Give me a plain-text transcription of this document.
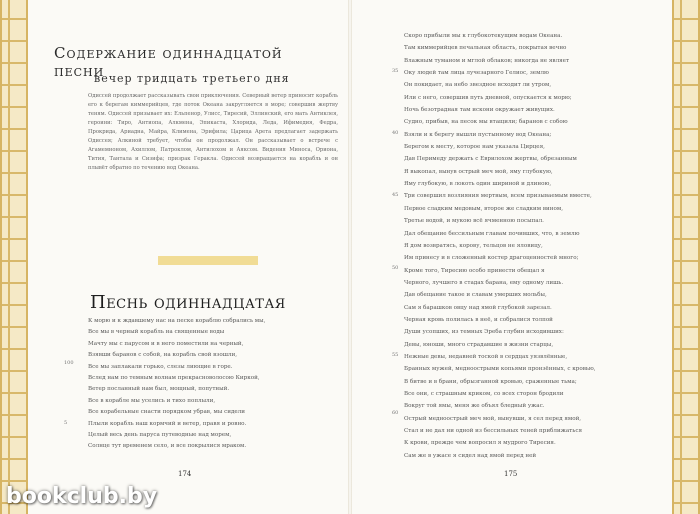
Содержание одиннадцатой песни
вечер тридцать третьего дня

Одиссей продолжает рассказывать свои приключения. Северный ветер приносит корабль его к берегам киммерийцев, где поток Океана закругляется в море; совершив жертву теням. Одиссей призывает их: Ельпенор, Улисс, Тиресий, Эллинский, его мать Антиклея, героини: Тиро, Антиопа, Алкмена, Эпикаста, Хлорида, Леда, Ифимедия, Федра, Прокрида, Ариадна, Майра, Климена, Эрифила; Царица Арета предлагает задержать Одиссея; Алкиной требует, чтобы он продолжал. Он рассказывает о встрече с Агамемноном, Ахиллом, Патроклом, Антилохом и Аяксом. Видения Миноса, Ориона, Тития, Тантала и Сизифа; призрак Геракла. Одиссей возвращается на корабль и он плывёт обратно по течению вод Океана.

Песнь одиннадцатая
К морю и к ждавшему нас на песке кораблю собрались мы,
Все мы в черный корабль на священные воды
Мачту мы с парусом и в него поместили на черный,
Взявши баранов с собой, на корабль свой взошли,
Все мы заплакали горько, слезы лиющие в горе.
Вслед нам по темным волнам прекрасноволосою Киркой,
Ветер посланный нам был, мощный, попутный.
Все в корабле мы уселись и тихо поплыли,
Все корабельные снасти порядком убрав, мы сидели
Плыли корабль наш кормчий и ветер, правя и ровно.
Целый весь день паруса путеводные над морем,
Солнце тут временем село, и все покрылися мраком.
100
5
174
Скоро прибыли мы к глубокотекущим водам Океана.
Там киммерийцев печальная область, покрытая вечно
Влажным туманом и мглой облаков; никогда не являет
Оку людей там лица лучезарного Гелиос, землю
Он покидает, на небо звездное всходит ли утром,
Или с него, совершив путь дневной, опускается к морю;
Ночь безотрадная там искони окружает живущих.
Судно, прибыв, на песок мы втащили; баранов с собою
Взяли и к берегу вышли пустынному вод Океана;
Берегом к месту, которое нам указала Цирцея,
Дав Перимеду держать с Еврилохом жертвы, обрезанным
Я выкопал, вынув острый меч мой, яму глубокую,
Яму глубокую, в локоть один шириной и длиною,
Три совершил возлияния мертвым, всем призываемым вместе,
Первое сладким медовым, второе же сладким вином,
Третье водой, и мукою всё ячменною посыпал.
Дал обещание бессильным главам почивших, что, в землю
Я дом возвратясь, корову, тельцов не яловицу,
Им принесу и в сложенный костер драгоценностей много;
Кроме того, Тиресию особо принести обещал я
Черного, лучшего в стадах барана, ему одному лишь.
Дав обещание такое и славам умерших мольбы,
Сам я барашков овцу над ямой глубокой зарезал.
Черная кровь полилась в неё, и собралися толпой
Души усопших, из темных Эреба глубин исходивших:
Девы, юноши, много страдавшие в жизни старцы,
Нежные девы, недавней тоской в сердцах уязвлённые,
Бранных мужей, медноострыми копьями пронзённых, с кровью,
В битве и в брани, обрызганной кровью, сраженные тьма;
Все они, с страшным криком, со всех сторон бродили
Вокруг той ямы, меня же объял бледный ужас.
Острый медноострый меч мой, вынувши, я сел перед ямой,
Стал и не дал ни одной из бессильных теней приближаться
К крови, прежде чем вопросил я мудрого Тиресия.
Сам же в ужасе я сидел над ямой перед ней
35
40
45
50
55
60
175
bookclub.by
